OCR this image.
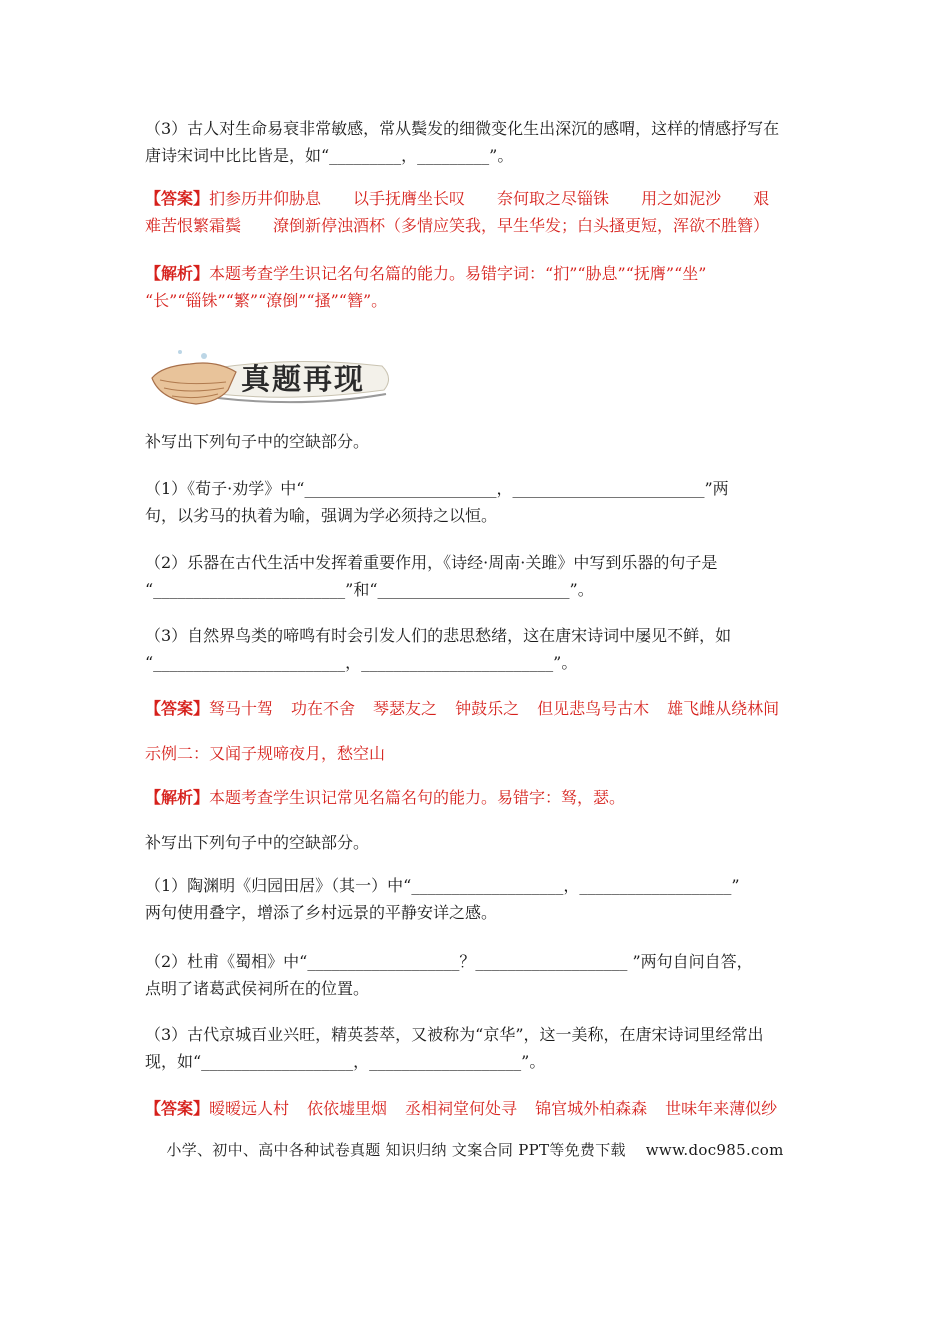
（3）古人对生命易衰非常敏感，常从鬓发的细微变化生出深沉的感喟，这样的情感抒写在
唐诗宋词中比比皆是，如“_________，_________”。

【答案】扪参历井仰胁息 以手抚膺坐长叹 奈何取之尽锱铢 用之如泥沙 艰
难苦恨繁霜鬓 潦倒新停浊酒杯（多情应笑我，早生华发；白头搔更短，浑欲不胜簪）

【解析】本题考查学生识记名句名篇的能力。易错字词：“扪”“胁息”“抚膺”“坐”
“长”“锱铢”“繁”“潦倒”“搔”“簪”。

真题再现

补写出下列句子中的空缺部分。

（1）《荀子·劝学》中“________________________，________________________”两
句，以劣马的执着为喻，强调为学必须持之以恒。

（2）乐器在古代生活中发挥着重要作用，《诗经·周南·关雎》中写到乐器的句子是
“________________________”和“________________________”。

（3）自然界鸟类的啼鸣有时会引发人们的悲思愁绪，这在唐宋诗词中屡见不鲜，如
“________________________，________________________”。

【答案】驽马十驾 功在不舍 琴瑟友之 钟鼓乐之 但见悲鸟号古木 雄飞雌从绕林间

示例二：又闻子规啼夜月，愁空山

【解析】本题考查学生识记常见名篇名句的能力。易错字：驽，瑟。

补写出下列句子中的空缺部分。

（1）陶渊明《归园田居》（其一）中“___________________，___________________”
两句使用叠字，增添了乡村远景的平静安详之感。

（2）杜甫《蜀相》中“___________________？___________________ ”两句自问自答，
点明了诸葛武侯祠所在的位置。

（3）古代京城百业兴旺，精英荟萃，又被称为“京华”，这一美称，在唐宋诗词里经常出
现，如“___________________，___________________”。

【答案】暧暧远人村 依依墟里烟 丞相祠堂何处寻 锦官城外柏森森 世味年来薄似纱

小学、初中、高中各种试卷真题 知识归纳 文案合同 PPT等免费下载 www.doc985.com
